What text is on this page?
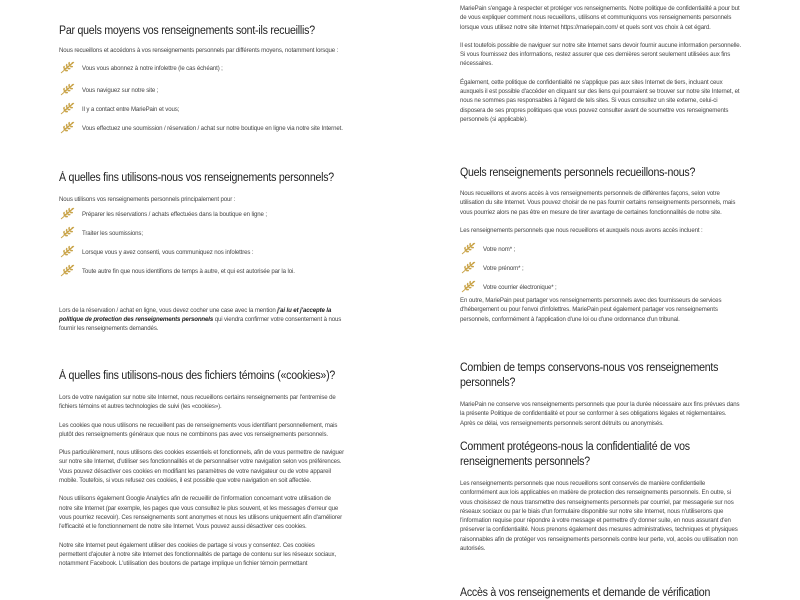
Par quels moyens vos renseignements sont-ils recueillis?
Nous recueillons et accédons à vos renseignements personnels par différents moyens, notamment lorsque :
Vous vous abonnez à notre infolettre (le cas échéant) ;
Vous naviguez sur notre site ;
Il y a contact entre MariePain et vous;
Vous effectuez une soumission / réservation / achat sur notre boutique en ligne via notre site Internet.
À quelles fins utilisons-nous vos renseignements personnels?
Nous utilisons vos renseignements personnels principalement pour :
Préparer les réservations / achats effectuées dans la boutique en ligne ;
Traiter les soumissions;
Lorsque vous y avez consenti, vous communiquez nos infolettres :
Toute autre fin que nous identifions de temps à autre, et qui est autorisée par la loi.
Lors de la réservation / achat en ligne, vous devez cocher une case avec la mention j'ai lu et j'accepte la politique de protection des renseignements personnels qui viendra confirmer votre consentement à nous fournir les renseignements demandés.
À quelles fins utilisons-nous des fichiers témoins («cookies»)?
Lors de votre navigation sur notre site Internet, nous recueillons certains renseignements par l'entremise de fichiers témoins et autres technologies de suivi (les «cookies»).
Les cookies que nous utilisons ne recueillent pas de renseignements vous identifiant personnellement, mais plutôt des renseignements généraux que nous ne combinons pas avec vos renseignements personnels.
Plus particulièrement, nous utilisons des cookies essentiels et fonctionnels, afin de vous permettre de naviguer sur notre site Internet, d'utiliser ses fonctionnalités et de personnaliser votre navigation selon vos préférences. Vous pouvez désactiver ces cookies en modifiant les paramètres de votre navigateur ou de votre appareil mobile. Toutefois, si vous refusez ces cookies, il est possible que votre navigation en soit affectée.
Nous utilisons également Google Analytics afin de recueillir de l'information concernant votre utilisation de notre site Internet (par exemple, les pages que vous consultez le plus souvent, et les messages d'erreur que vous pourriez recevoir). Ces renseignements sont anonymes et nous les utilisons uniquement afin d'améliorer l'efficacité et le fonctionnement de notre site Internet. Vous pouvez aussi désactiver ces cookies.
Notre site Internet peut également utiliser des cookies de partage si vous y consentez. Ces cookies permettent d'ajouter à notre site Internet des fonctionnalités de partage de contenu sur les réseaux sociaux, notamment Facebook. L'utilisation des boutons de partage implique un fichier témoin permettant
MariePain s'engage à respecter et protéger vos renseignements. Notre politique de confidentialité a pour but de vous expliquer comment nous recueillons, utilisons et communiquons vos renseignements personnels lorsque vous utilisez notre site Internet https://mariepain.com/ et quels sont vos choix à cet égard.
Il est toutefois possible de naviguer sur notre site Internet sans devoir fournir aucune information personnelle. Si vous fournissez des informations, restez assurer que ces dernières seront seulement utilisées aux fins nécessaires.
Également, cette politique de confidentialité ne s'applique pas aux sites Internet de tiers, incluant ceux auxquels il est possible d'accéder en cliquant sur des liens qui pourraient se trouver sur notre site Internet, et nous ne sommes pas responsables à l'égard de tels sites. Si vous consultez un site externe, celui-ci disposera de ses propres politiques que vous pouvez consulter avant de soumettre vos renseignements personnels (si applicable).
Quels renseignements personnels recueillons-nous?
Nous recueillons et avons accès à vos renseignements personnels de différentes façons, selon votre utilisation du site Internet. Vous pouvez choisir de ne pas fournir certains renseignements personnels, mais vous pourriez alors ne pas être en mesure de tirer avantage de certaines fonctionnalités de notre site.
Les renseignements personnels que nous recueillons et auxquels nous avons accès incluent :
Votre nom* ;
Votre prénom* ;
Votre courrier électronique* ;
En outre, MariePain peut partager vos renseignements personnels avec des fournisseurs de services d'hébergement ou pour l'envoi d'infolettres. MariePain peut également partager vos renseignements personnels, conformément à l'application d'une loi ou d'une ordonnance d'un tribunal.
Combien de temps conservons-nous vos renseignements personnels?
MariePain ne conserve vos renseignements personnels que pour la durée nécessaire aux fins prévues dans la présente Politique de confidentialité et pour se conformer à ses obligations légales et réglementaires. Après ce délai, vos renseignements personnels seront détruits ou anonymisés.
Comment protégeons-nous la confidentialité de vos renseignements personnels?
Les renseignements personnels que nous recueillons sont conservés de manière confidentielle conformément aux lois applicables en matière de protection des renseignements personnels. En outre, si vous choisissez de nous transmettre des renseignements personnels par courriel, par messagerie sur nos réseaux sociaux ou par le biais d'un formulaire disponible sur notre site Internet, nous n'utiliserons que l'information requise pour répondre à votre message et permettre d'y donner suite, en nous assurant d'en préserver la confidentialité. Nous prenons également des mesures administratives, techniques et physiques raisonnables afin de protéger vos renseignements personnels contre leur perte, vol, accès ou utilisation non autorisés.
Accès à vos renseignements et demande de vérification
